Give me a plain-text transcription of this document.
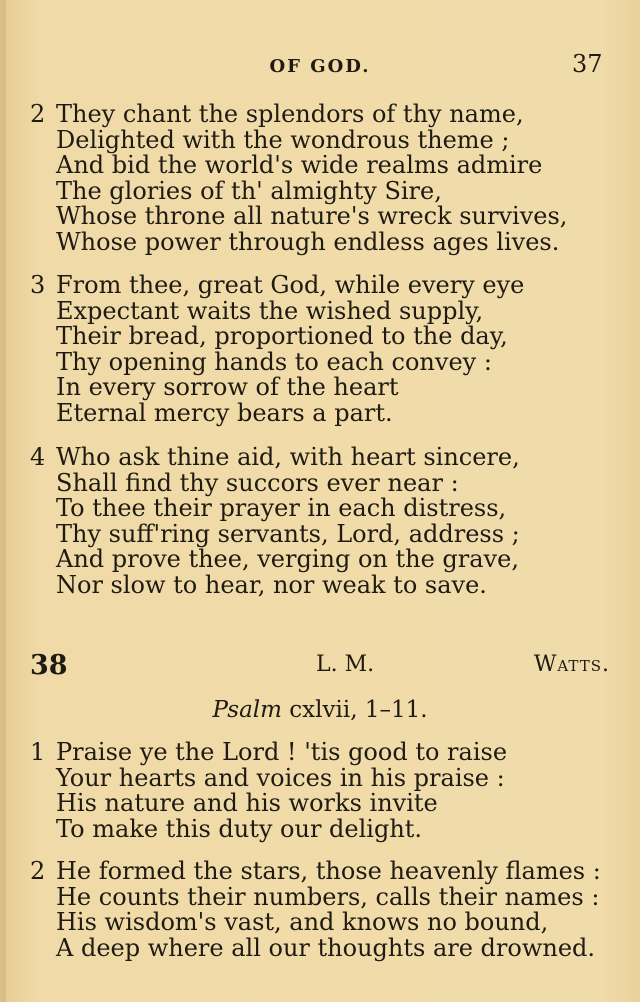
OF GOD.	37
2 They chant the splendors of thy name,
Delighted with the wondrous theme ;
And bid the world's wide realms admire
The glories of th' almighty Sire,
Whose throne all nature's wreck survives,
Whose power through endless ages lives.
3 From thee, great God, while every eye
Expectant waits the wished supply,
Their bread, proportioned to the day,
Thy opening hands to each convey :
In every sorrow of the heart
Eternal mercy bears a part.
4 Who ask thine aid, with heart sincere,
Shall find thy succors ever near :
To thee their prayer in each distress,
Thy suff'ring servants, Lord, address ;
And prove thee, verging on the grave,
Nor slow to hear, nor weak to save.
38	L. M.	Watts.
Psalm cxlvii, 1–11.
1 Praise ye the Lord ! 'tis good to raise
Your hearts and voices in his praise :
His nature and his works invite
To make this duty our delight.
2 He formed the stars, those heavenly flames :
He counts their numbers, calls their names :
His wisdom's vast, and knows no bound,
A deep where all our thoughts are drowned.
